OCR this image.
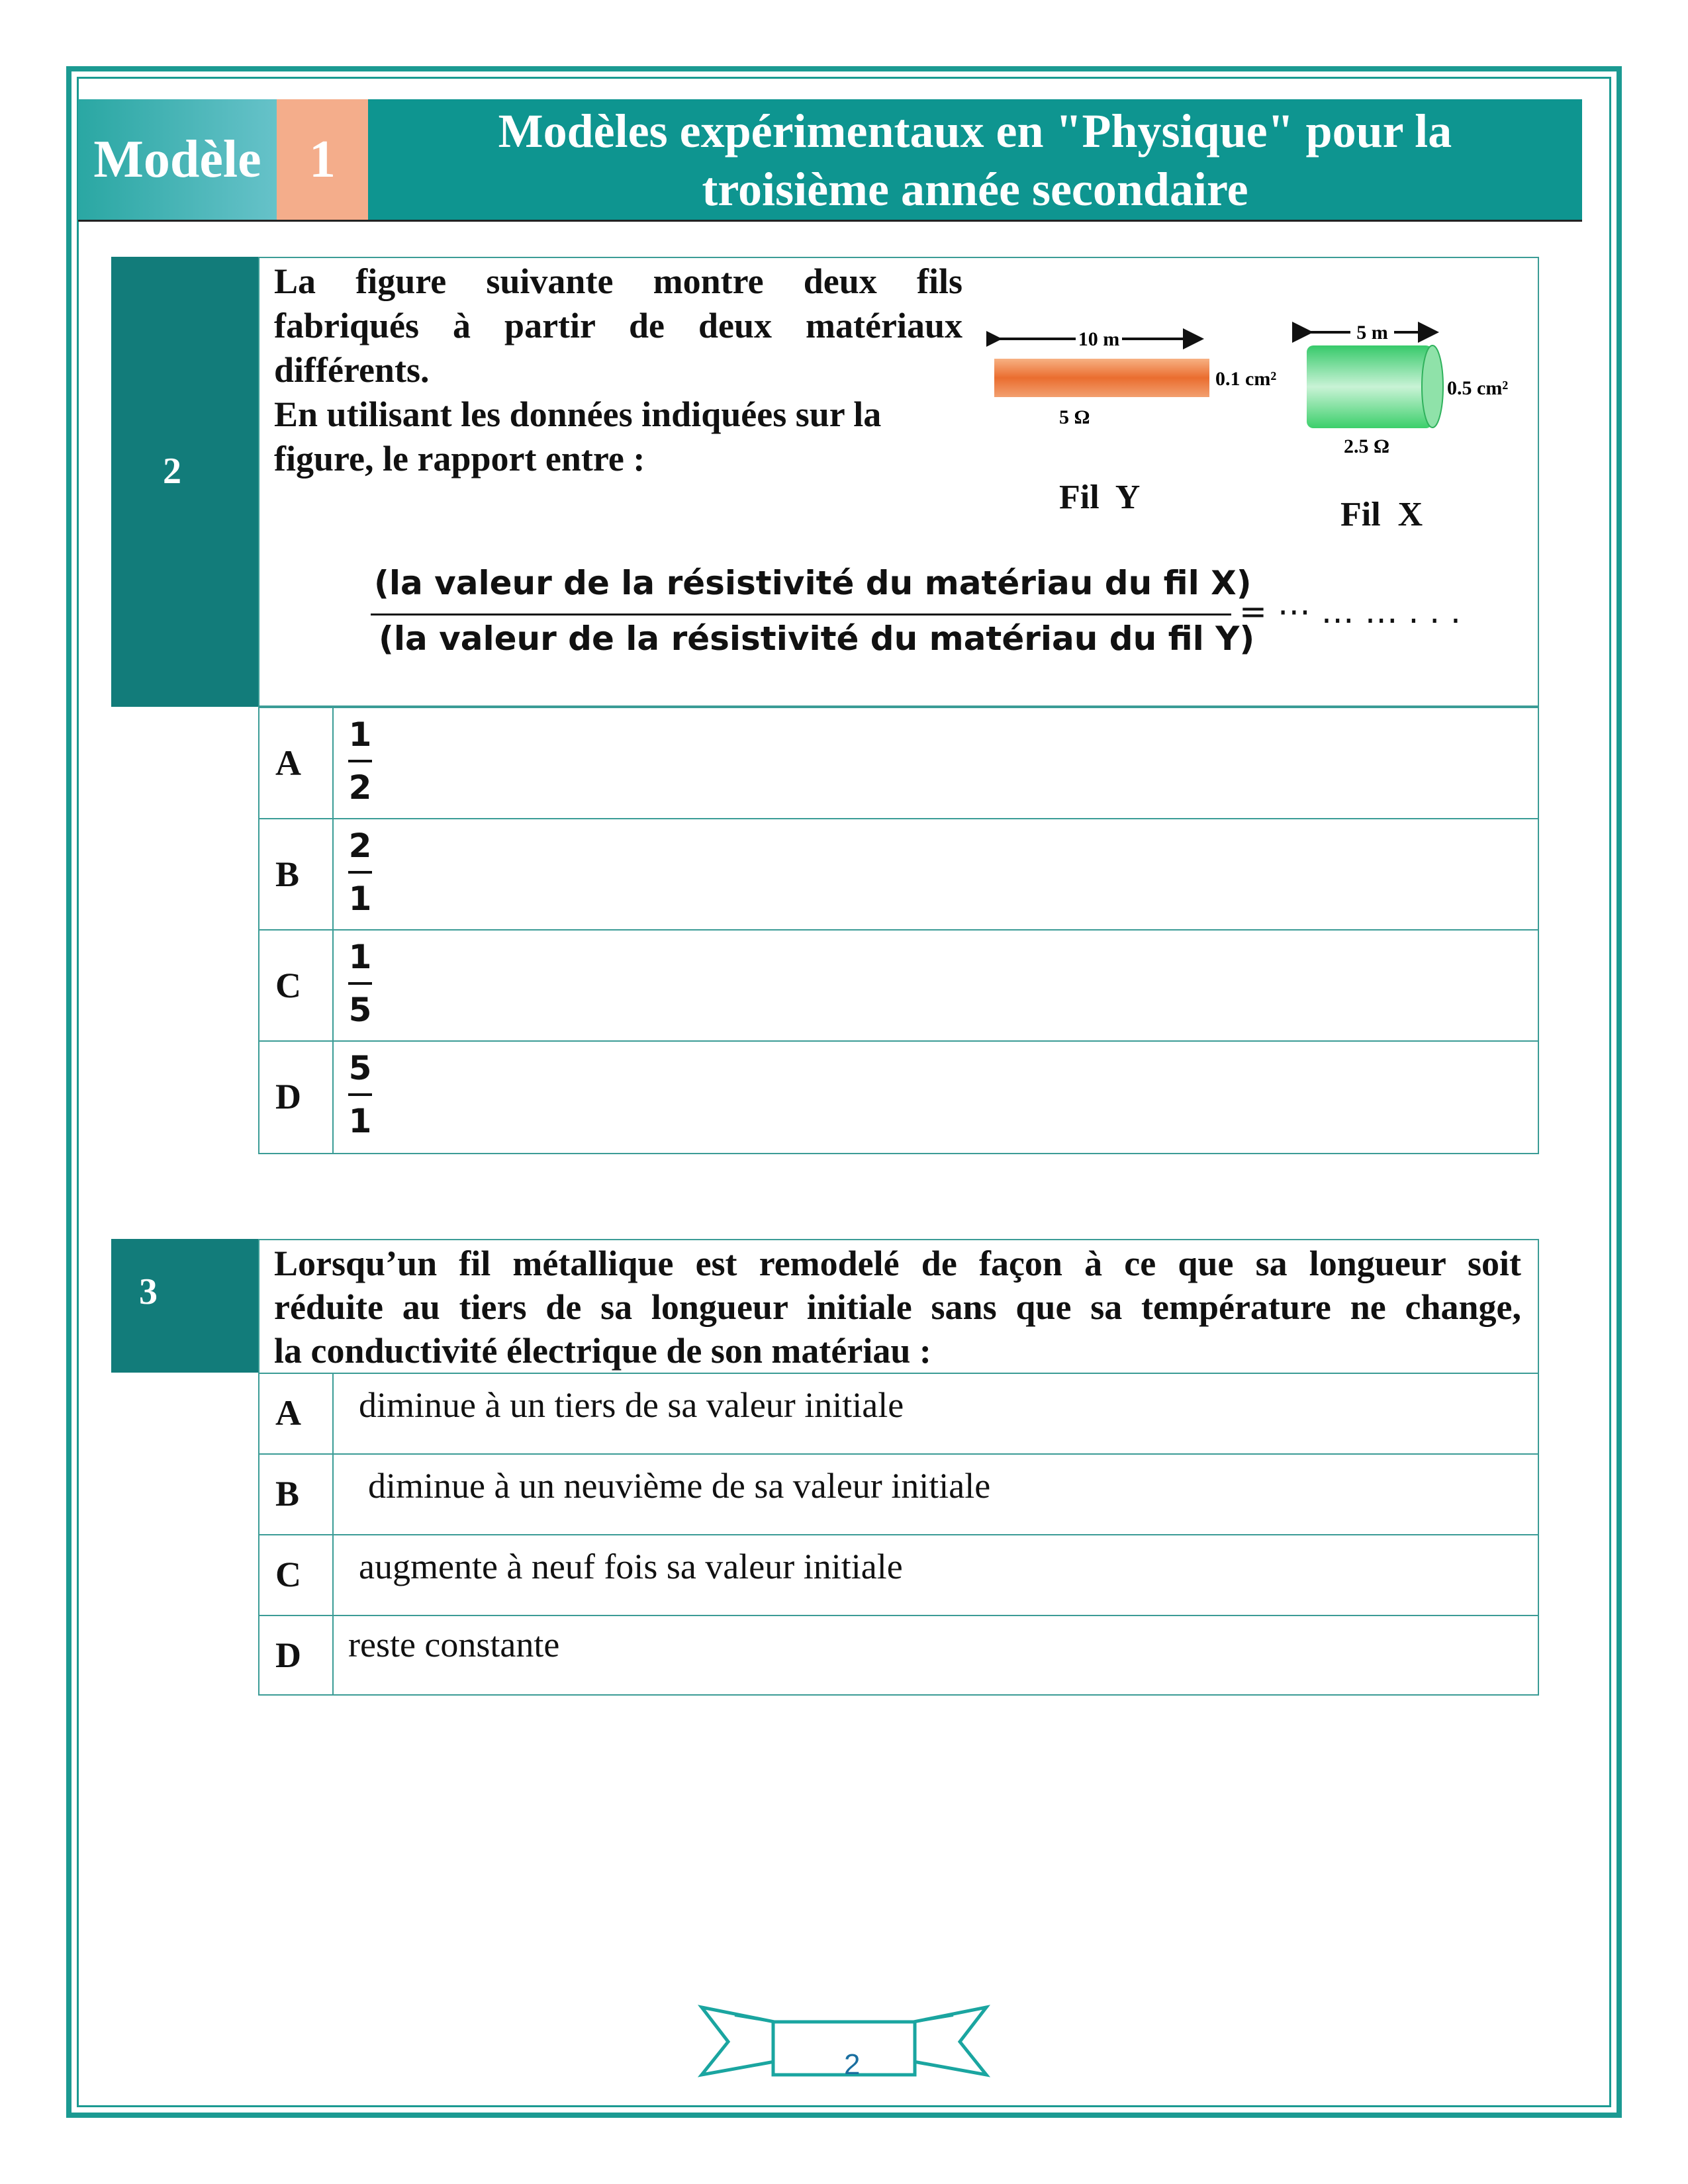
Modèle 1	Modèles expérimentaux en "Physique" pour la
troisième année secondaire
2
La figure suivante montre deux fils
fabriqués à partir de deux matériaux
différents.
En utilisant les données indiquées sur la
figure, le rapport entre :
10 m
0.1 cm²
5 Ω
5 m
0.5 cm²
2.5 Ω
Fil  Y	Fil  X
(la valeur de la résistivité du matériau du fil X)
(la valeur de la résistivité du matériau du fil Y)
= ⋯ … … . . .
A
1
2
B
2
1
C
1
5
D
5
1
3
Lorsqu’un fil métallique est remodelé de façon à ce que sa longueur soit
réduite au tiers de sa longueur initiale sans que sa température ne change,
la conductivité électrique de son matériau :
A diminue à un tiers de sa valeur initiale
B diminue à un neuvième de sa valeur initiale
C augmente à neuf fois sa valeur initiale
D reste constante
2
